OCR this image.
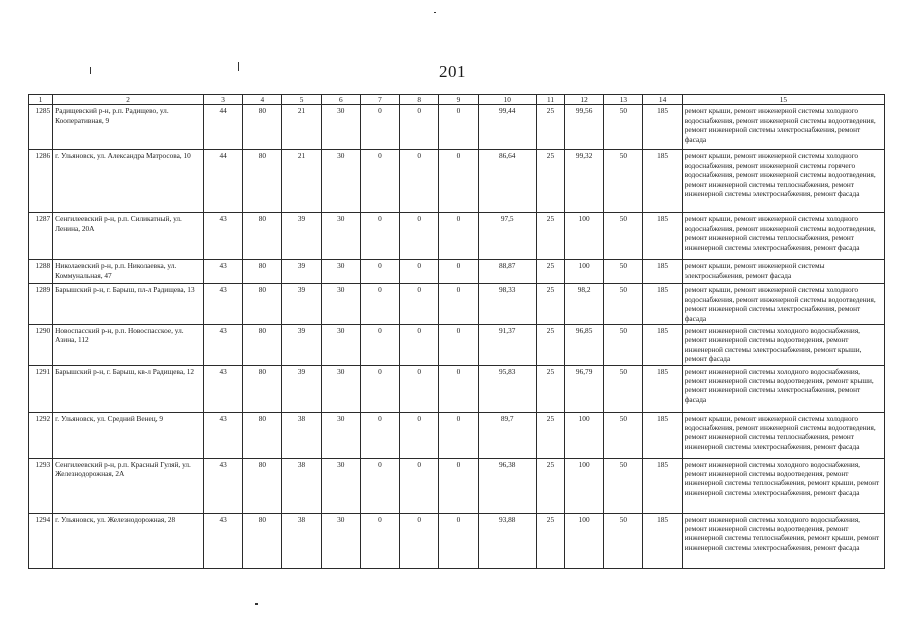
201
1	2	3	4	5	6	7	8	9	10	11	12	13	14	15
1285	Радищевский р-н, р.п. Радищево, ул. Кооперативная, 9	44	80	21	30	0	0	0	99,44	25	99,56	50	185	ремонт крыши, ремонт инженерной системы холодного водоснабжения, ремонт инженерной системы водоотведения, ремонт инженерной системы электроснабжения, ремонт фасада
1286	г. Ульяновск, ул. Александра Матросова, 10	44	80	21	30	0	0	0	86,64	25	99,32	50	185	ремонт крыши, ремонт инженерной системы холодного водоснабжения, ремонт инженерной системы горячего водоснабжения, ремонт инженерной системы водоотведения, ремонт инженерной системы теплоснабжения, ремонт инженерной системы электроснабжения, ремонт фасада
1287	Сенгилеевский р-н, р.п. Силикатный, ул. Ленина, 20А	43	80	39	30	0	0	0	97,5	25	100	50	185	ремонт крыши, ремонт инженерной системы холодного водоснабжения, ремонт инженерной системы водоотведения, ремонт инженерной системы теплоснабжения, ремонт инженерной системы электроснабжения, ремонт фасада
1288	Николаевский р-н, р.п. Николаевка, ул. Коммунальная, 47	43	80	39	30	0	0	0	88,87	25	100	50	185	ремонт крыши, ремонт инженерной системы электроснабжения, ремонт фасада
1289	Барышский р-н, г. Барыш, пл-л Радищева, 13	43	80	39	30	0	0	0	98,33	25	98,2	50	185	ремонт крыши, ремонт инженерной системы холодного водоснабжения, ремонт инженерной системы водоотведения, ремонт инженерной системы электроснабжения, ремонт фасада
1290	Новоспасский р-н, р.п. Новоспасское, ул. Азина, 112	43	80	39	30	0	0	0	91,37	25	96,85	50	185	ремонт инженерной системы холодного водоснабжения, ремонт инженерной системы водоотведения, ремонт инженерной системы электроснабжения, ремонт крыши, ремонт фасада
1291	Барышский р-н, г. Барыш, кв-л Радищева, 12	43	80	39	30	0	0	0	95,83	25	96,79	50	185	ремонт инженерной системы холодного водоснабжения, ремонт инженерной системы водоотведения, ремонт крыши, ремонт инженерной системы электроснабжения, ремонт фасада
1292	г. Ульяновск, ул. Средний Венец, 9	43	80	38	30	0	0	0	89,7	25	100	50	185	ремонт крыши, ремонт инженерной системы холодного водоснабжения, ремонт инженерной системы водоотведения, ремонт инженерной системы теплоснабжения, ремонт инженерной системы электроснабжения, ремонт фасада
1293	Сенгилеевский р-н, р.п. Красный Гуляй, ул. Железнодорожная, 2А	43	80	38	30	0	0	0	96,38	25	100	50	185	ремонт инженерной системы холодного водоснабжения, ремонт инженерной системы водоотведения, ремонт инженерной системы теплоснабжения, ремонт крыши, ремонт инженерной системы электроснабжения, ремонт фасада
1294	г. Ульяновск, ул. Железнодорожная, 28	43	80	38	30	0	0	0	93,88	25	100	50	185	ремонт инженерной системы холодного водоснабжения, ремонт инженерной системы водоотведения, ремонт инженерной системы теплоснабжения, ремонт крыши, ремонт инженерной системы электроснабжения, ремонт фасада
